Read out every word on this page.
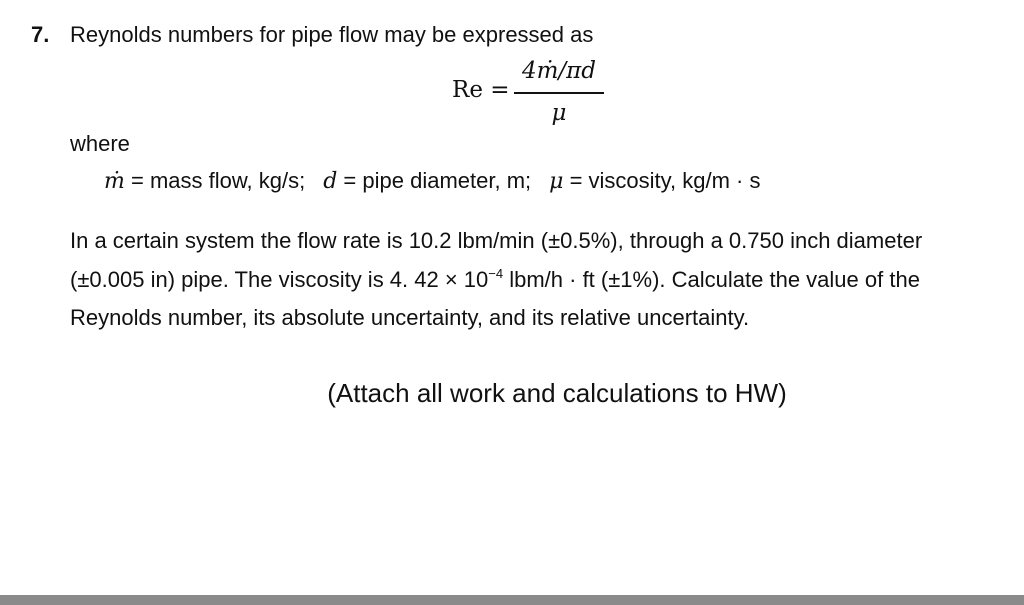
7. Reynolds numbers for pipe flow may be expressed as
Re =
4ṁ/πd
μ
where
ṁ = mass flow, kg/s; d = pipe diameter, m; μ = viscosity, kg/m · s
In a certain system the flow rate is 10.2 lbm/min (±0.5%), through a 0.750 inch diameter
(±0.005 in) pipe. The viscosity is 4. $42 \times 10^{-4}$ lbm/h · ft (±1%). Calculate the value of the
Reynolds number, its absolute uncertainty, and its relative uncertainty.
(Attach all work and calculations to HW)
